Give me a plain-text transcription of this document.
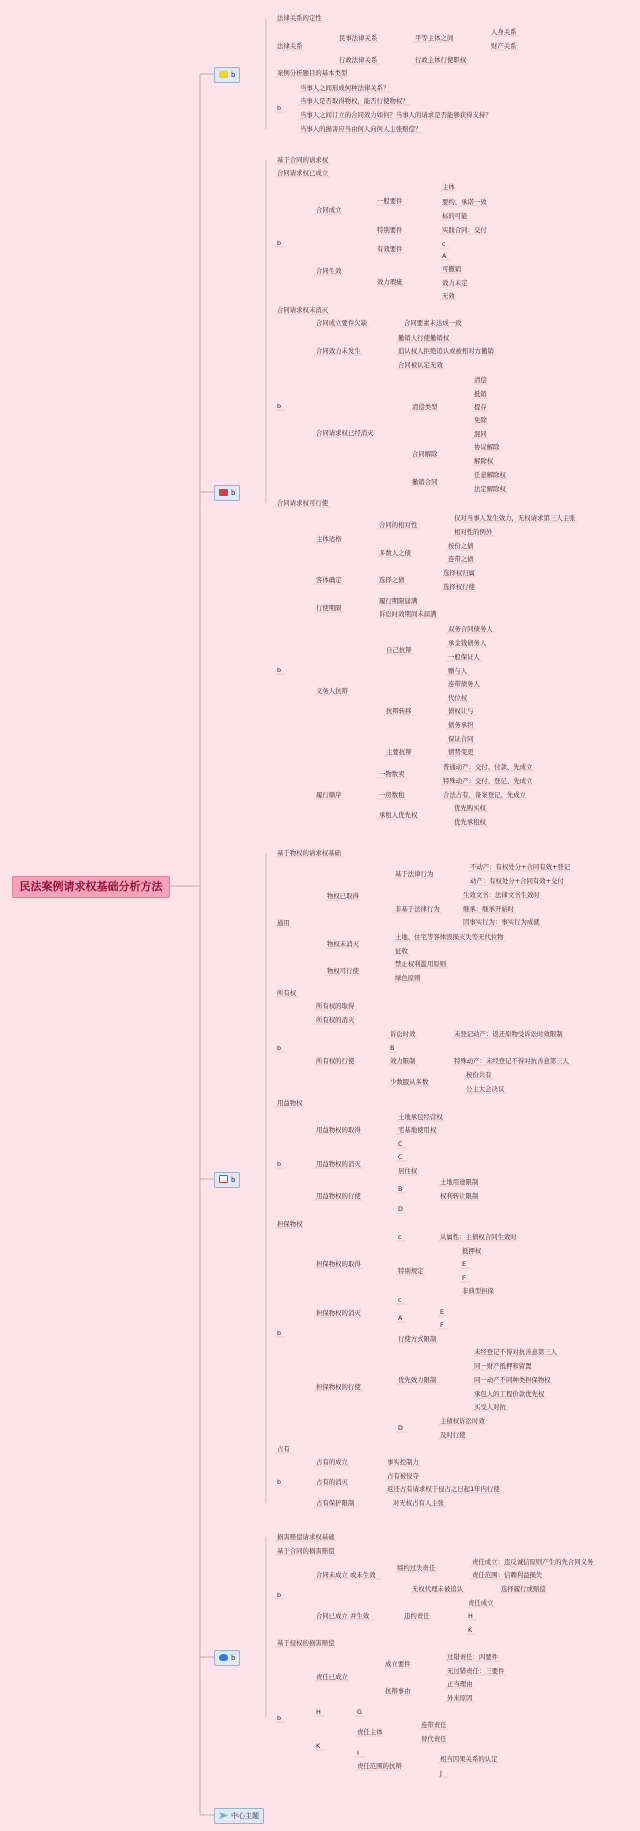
民法案例请求权基础分析方法
b
b
b
b
中心主题
法律关系的定性
法律关系
民事法律关系	平等主体之间
人身关系
财产关系
行政法律关系	行政主体行使职权
案例分析题目的基本类型
b
当事人之间形成何种法律关系？
当事人是否取得物权，能否行使物权？
当事人之间订立的合同效力如何？当事人的请求是否能够获得支持？
当事人的损害应当由何人向何人主张赔偿？
基于合同的请求权
合同请求权已成立
b
合同成立
一般要件
主体
要约、承诺一致
标的可能
特别要件	实践合同：交付
合同生效
有效要件
c
A
效力瑕疵
可撤销
效力未定
无效
合同请求权未消灭
合同成立要件欠缺	合同要素未达成一致
合同效力未发生
撤销人行使撤销权
追认权人拒绝追认或被相对方撤销
合同被认定无效
b
合同请求权已经消灭
清偿类型
清偿
抵销
提存
免除
混同
合同解除
协议解除
解除权
撤销合同
任意解除权
法定解除权
合同请求权可行使
主体适格
合同的相对性
仅对当事人发生效力，无权请求第三人主张
相对性的例外
多数人之债
按份之债
连带之债
客体确定	选择之债
选择权归属
选择权行使
行使期限
履行期限届满
诉讼时效期间未届满
b
义务人抗辩
自己抗辩
双务合同债务人
承金钱债务人
一般保证人
赠与人
抗辩转移
连带债务人
代位权
债权让与
债务承担
保证合同
主要抗辩	情势变更
履行顺序
一物数卖
普通动产：交付、付款、先成立
特殊动产：交付、登记、先成立
一房数租	合法占有、备案登记、先成立
承租人优先权
优先购买权
优先承租权
基于物权的请求权基础
通用
物权已取得
基于法律行为
不动产：有权处分+合同有效+登记
动产：有权处分+合同有效+交付
非基于法律行为
生效文书：法律文书生效时
继承：继承开始时
因事实行为：事实行为成就
物权未消灭
土地、住宅等客体毁损灭失等无代位物
征收
物权可行使
禁止权利滥用原则
绿色原则
所有权
b
所有权的取得
所有权的消灭
所有权的行使
诉讼时效	未登记动产：返还原物受诉讼时效限制
B
效力限制	特殊动产：未经登记不得对抗善意第三人
少数服从多数
按份共有
公主大会决议
用益物权
b
用益物权的取得
土地承包经营权
宅基地使用权
C
用益物权的消灭
C
居住权
用益物权的行使
B
土地用途限制
权利转让限制
D
担保物权
担保物权的取得
c	从属性：主债权合同生效时
特别规定
抵押权
E
F
非典型担保
b
担保物权的消灭
c
A
E
F
担保物权的行使
行使方式限制
优先效力限制
未经登记不得对抗善意第三人
同一财产抵押和留置
同一动产不同种类担保物权
承包人的工程价款优先权
买受人对抗
D
主债权诉讼时效
及时行使
占有
b
占有的成立	事实控制力
占有的消灭
占有被侵夺
返还占有请求权于侵占之日起1年内行使
占有保护限制	对无权占有人主张
损害赔偿请求权基础
基于合同的损害赔偿
b
合同未成立 或未生效
缔约过失责任
责任成立：违反诚信原则产生的先合同义务
责任范围：信赖利益损失
无权代理未被追认	选择履行或赔偿
合同已成立 并生效	违约责任
责任成立
H
K
基于侵权的损害赔偿
责任已成立
成立要件
过错责任：四要件
无过错责任：三要件
抗辩事由
正当理由
外来原因
b
H	G
K
责任主体
连带责任
替代责任
I
责任范围的抗辩
相当因果关系的认定
J
